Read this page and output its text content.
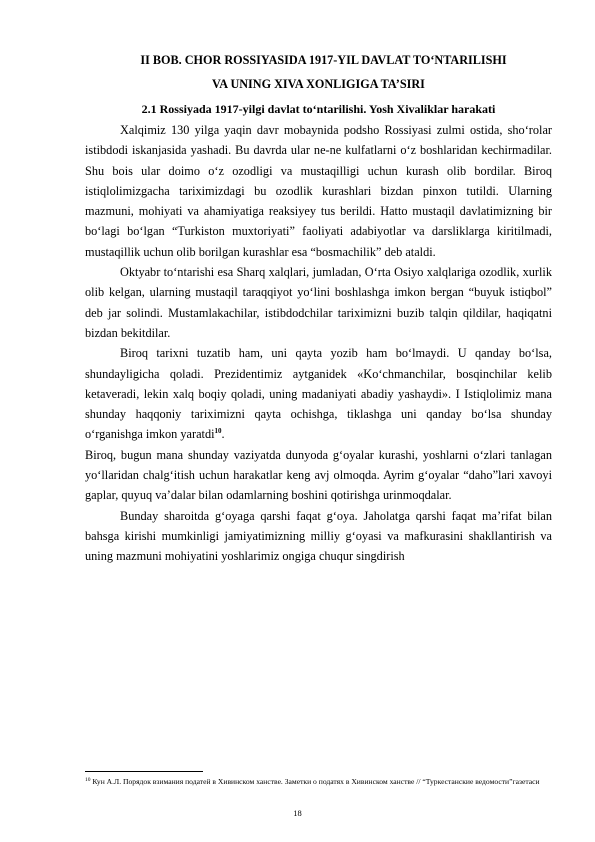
II BOB. CHOR ROSSIYASIDA 1917-YIL DAVLAT TO‘NTARILISHI
VA UNING XIVA XONLIGIGA TA’SIRI
2.1 Rossiyada 1917-yilgi davlat to‘ntarilishi. Yosh Xivaliklar harakati

Xalqimiz 130 yilga yaqin davr mobaynida podsho Rossiyasi zulmi ostida, sho‘rolar istibdodi iskanjasida yashadi. Bu davrda ular ne-ne kulfatlarni o‘z boshlaridan kechirmadilar. Shu bois ular doimo o‘z ozodligi va mustaqilligi uchun kurash olib bordilar. Biroq istiqlolimizgacha tariximizdagi bu ozodlik kurashlari bizdan pinxon tutildi. Ularning mazmuni, mohiyati va ahamiyatiga reaksiyey tus berildi. Hatto mustaqil davlatimizning bir bo‘lagi bo‘lgan “Turkiston muxtoriyati” faoliyati adabiyotlar va darsliklarga kiritilmadi, mustaqillik uchun olib borilgan kurashlar esa “bosmachilik” deb ataldi.

Oktyabr to‘ntarishi esa Sharq xalqlari, jumladan, O‘rta Osiyo xalqlariga ozodlik, xurlik olib kelgan, ularning mustaqil taraqqiyot yo‘lini boshlashga imkon bergan “buyuk istiqbol” deb jar solindi. Mustamlakachilar, istibdodchilar tariximizni buzib talqin qildilar, haqiqatni bizdan bekitdilar.

Biroq tarixni tuzatib ham, uni qayta yozib ham bo‘lmaydi. U qanday bo‘lsa, shundayligicha qoladi. Prezidentimiz aytganidek «Ko‘chmanchilar, bosqinchilar kelib ketaveradi, lekin xalq boqiy qoladi, uning madaniyati abadiy yashaydi». I Istiqlolimiz mana shunday haqqoniy tariximizni qayta ochishga, tiklashga uni qanday bo‘lsa shunday o‘rganishga imkon yaratdi$^{10}$.

Biroq, bugun mana shunday vaziyatda dunyoda g‘oyalar kurashi, yoshlarni o‘zlari tanlagan yo‘llaridan chalg‘itish uchun harakatlar keng avj olmoqda. Ayrim g‘oyalar “daho”lari xavoyi gaplar, quyuq va’dalar bilan odamlarning boshini qotirishga urinmoqdalar.

Bunday sharoitda g‘oyaga qarshi faqat g‘oya. Jaholatga qarshi faqat ma’rifat bilan bahsga kirishi mumkinligi jamiyatimizning milliy g‘oyasi va mafkurasini shakllantirish va uning mazmuni mohiyatini yoshlarimiz ongiga chuqur singdirish

$^{10}$ Кун А.Л. Порядок взимания податей в Хивинском ханстве. Заметки о податях в Хивинском ханстве // “Туркестанские ведомости”газетаси
18
